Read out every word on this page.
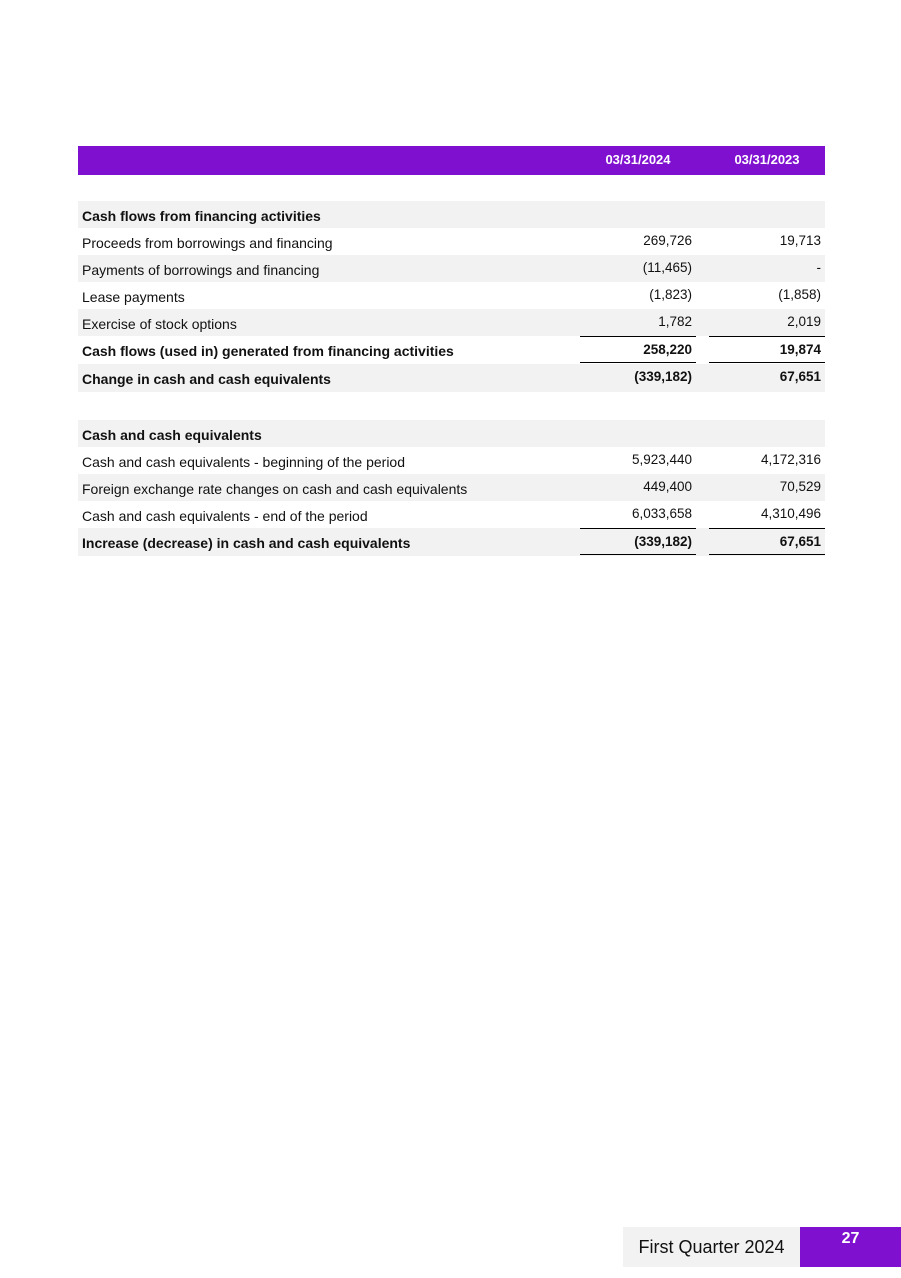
03/31/2024	03/31/2023
Cash flows from financing activities
Proceeds from borrowings and financing	269,726	19,713
Payments of borrowings and financing	(11,465)	-
Lease payments	(1,823)	(1,858)
Exercise of stock options	1,782	2,019
Cash flows (used in) generated from financing activities	258,220	19,874
Change in cash and cash equivalents	(339,182)	67,651
Cash and cash equivalents
Cash and cash equivalents - beginning of the period	5,923,440	4,172,316
Foreign exchange rate changes on cash and cash equivalents	449,400	70,529
Cash and cash equivalents - end of the period	6,033,658	4,310,496
Increase (decrease) in cash and cash equivalents	(339,182)	67,651
First Quarter 2024	27
